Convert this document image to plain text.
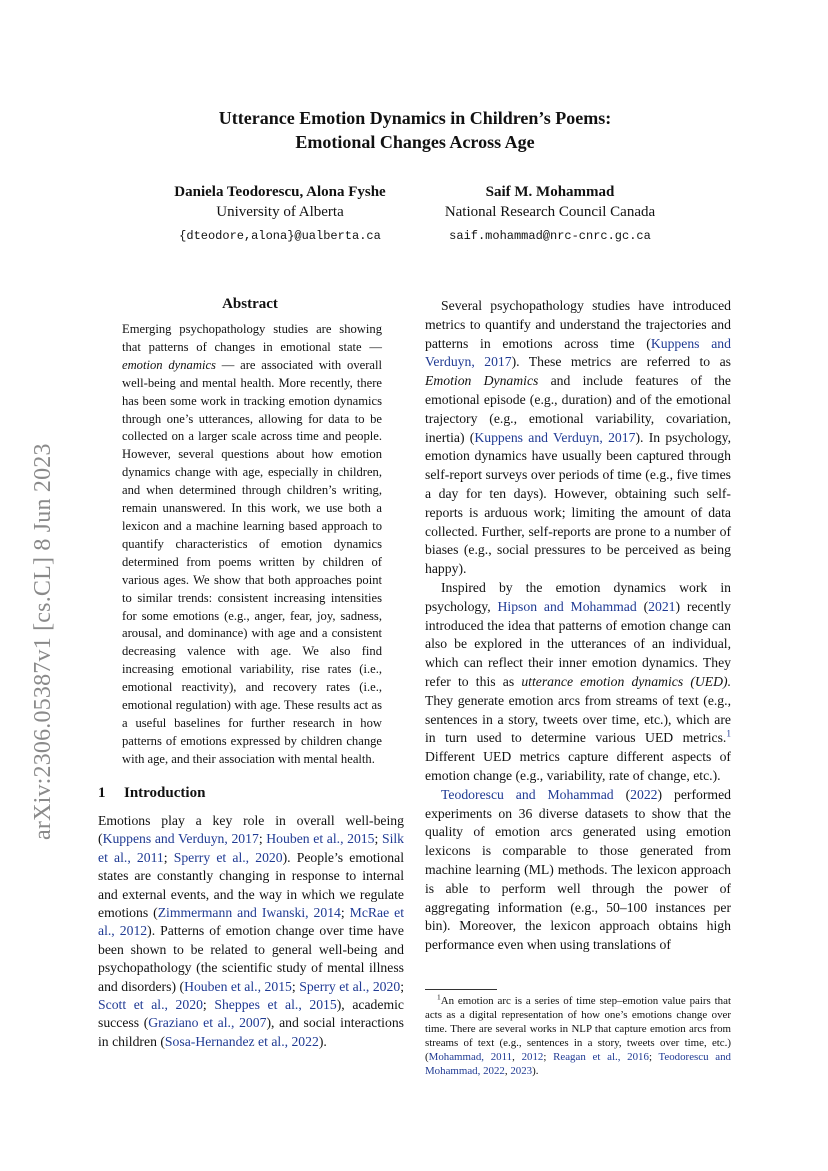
arXiv:2306.05387v1 [cs.CL] 8 Jun 2023
Utterance Emotion Dynamics in Children’s Poems:
Emotional Changes Across Age
Daniela Teodorescu, Alona Fyshe
University of Alberta
{dteodore,alona}@ualberta.ca
Saif M. Mohammad
National Research Council Canada
saif.mohammad@nrc-cnrc.gc.ca
Abstract
Emerging psychopathology studies are showing that patterns of changes in emotional state — emotion dynamics — are associated with overall well-being and mental health. More recently, there has been some work in tracking emotion dynamics through one’s utterances, allowing for data to be collected on a larger scale across time and people. However, several questions about how emotion dynamics change with age, especially in children, and when determined through children’s writing, remain unanswered. In this work, we use both a lexicon and a machine learning based approach to quantify characteristics of emotion dynamics determined from poems written by children of various ages. We show that both approaches point to similar trends: consistent increasing intensities for some emotions (e.g., anger, fear, joy, sadness, arousal, and dominance) with age and a consistent decreasing valence with age. We also find increasing emotional variability, rise rates (i.e., emotional reactivity), and recovery rates (i.e., emotional regulation) with age. These results act as a useful baselines for further research in how patterns of emotions expressed by children change with age, and their association with mental health.
1 Introduction

Emotions play a key role in overall well-being (Kuppens and Verduyn, 2017; Houben et al., 2015; Silk et al., 2011; Sperry et al., 2020). People’s emotional states are constantly changing in response to internal and external events, and the way in which we regulate emotions (Zimmermann and Iwanski, 2014; McRae et al., 2012). Patterns of emotion change over time have been shown to be related to general well-being and psychopathology (the scientific study of mental illness and disorders) (Houben et al., 2015; Sperry et al., 2020; Scott et al., 2020; Sheppes et al., 2015), academic success (Graziano et al., 2007), and social interactions in children (Sosa-Hernandez et al., 2022).

Several psychopathology studies have introduced metrics to quantify and understand the trajectories and patterns in emotions across time (Kuppens and Verduyn, 2017). These metrics are referred to as Emotion Dynamics and include features of the emotional episode (e.g., duration) and of the emotional trajectory (e.g., emotional variability, covariation, inertia) (Kuppens and Verduyn, 2017). In psychology, emotion dynamics have usually been captured through self-report surveys over periods of time (e.g., five times a day for ten days). However, obtaining such self-reports is arduous work; limiting the amount of data collected. Further, self-reports are prone to a number of biases (e.g., social pressures to be perceived as being happy).

Inspired by the emotion dynamics work in psychology, Hipson and Mohammad (2021) recently introduced the idea that patterns of emotion change can also be explored in the utterances of an individual, which can reflect their inner emotion dynamics. They refer to this as utterance emotion dynamics (UED). They generate emotion arcs from streams of text (e.g., sentences in a story, tweets over time, etc.), which are in turn used to determine various UED metrics.$^1$ Different UED metrics capture different aspects of emotion change (e.g., variability, rate of change, etc.).

Teodorescu and Mohammad (2022) performed experiments on 36 diverse datasets to show that the quality of emotion arcs generated using emotion lexicons is comparable to those generated from machine learning (ML) methods. The lexicon approach is able to perform well through the power of aggregating information (e.g., 50–100 instances per bin). Moreover, the lexicon approach obtains high performance even when using translations of

$^1$An emotion arc is a series of time step–emotion value pairs that acts as a digital representation of how one’s emotions change over time. There are several works in NLP that capture emotion arcs from streams of text (e.g., sentences in a story, tweets over time, etc.) (Mohammad, 2011, 2012; Reagan et al., 2016; Teodorescu and Mohammad, 2022, 2023).
